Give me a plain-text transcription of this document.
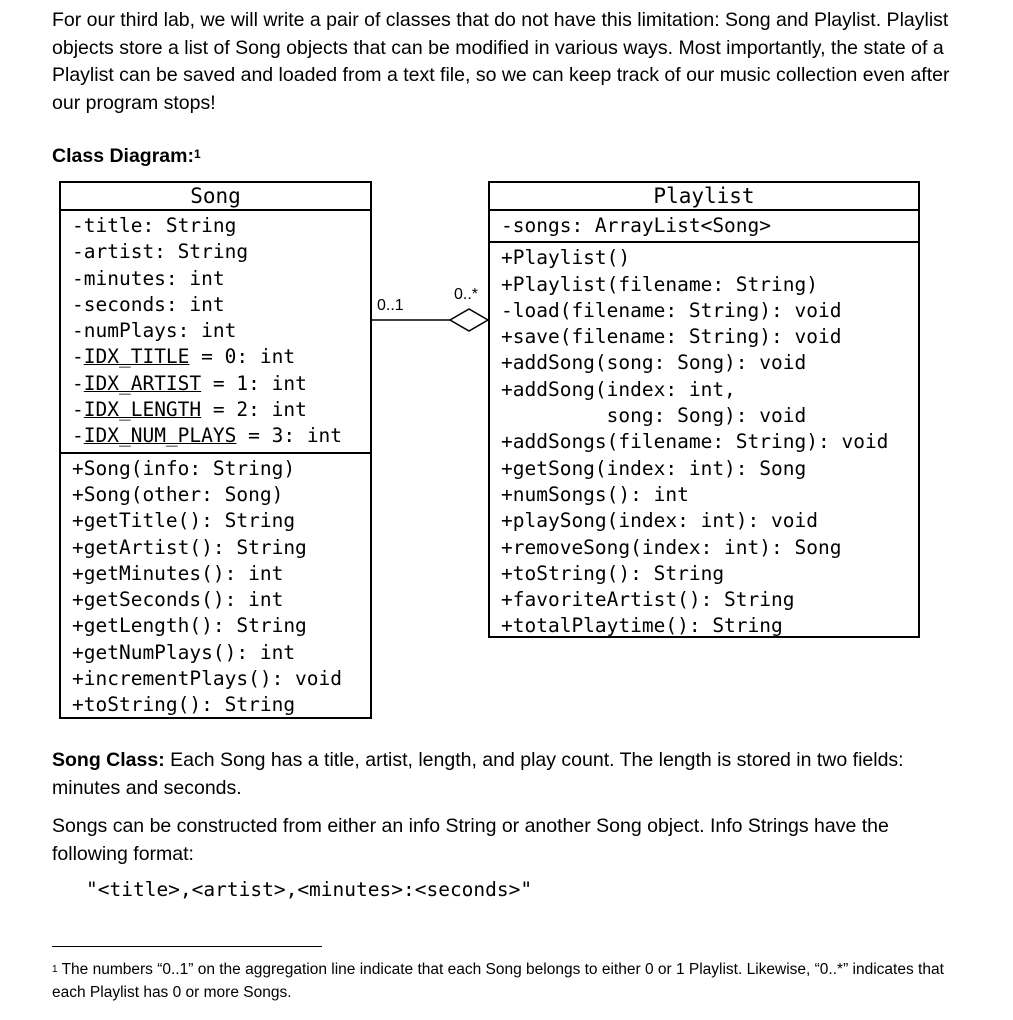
For our third lab, we will write a pair of classes that do not have this limitation: Song and Playlist. Playlist objects store a list of Song objects that can be modified in various ways. Most importantly, the state of a Playlist can be saved and loaded from a text file, so we can keep track of our music collection even after our program stops!

Class Diagram:$^1$

Song
-title: String
-artist: String
-minutes: int
-seconds: int
-numPlays: int
-IDX_TITLE = 0: int
-IDX_ARTIST = 1: int
-IDX_LENGTH = 2: int
-IDX_NUM_PLAYS = 3: int
+Song(info: String)
+Song(other: Song)
+getTitle(): String
+getArtist(): String
+getMinutes(): int
+getSeconds(): int
+getLength(): String
+getNumPlays(): int
+incrementPlays(): void
+toString(): String
Playlist
-songs: ArrayList<Song>
+Playlist()
+Playlist(filename: String)
-load(filename: String): void
+save(filename: String): void
+addSong(song: Song): void
+addSong(index: int,
song: Song): void
+addSongs(filename: String): void
+getSong(index: int): Song
+numSongs(): int
+playSong(index: int): void
+removeSong(index: int): Song
+toString(): String
+favoriteArtist(): String
+totalPlaytime(): String
0..1
0..*

Song Class: Each Song has a title, artist, length, and play count. The length is stored in two fields: minutes and seconds.

Songs can be constructed from either an info String or another Song object. Info Strings have the following format:

"<title>,<artist>,<minutes>:<seconds>"
$^1$ The numbers “0..1” on the aggregation line indicate that each Song belongs to either 0 or 1 Playlist. Likewise, “0..*” indicates that each Playlist has 0 or more Songs.
